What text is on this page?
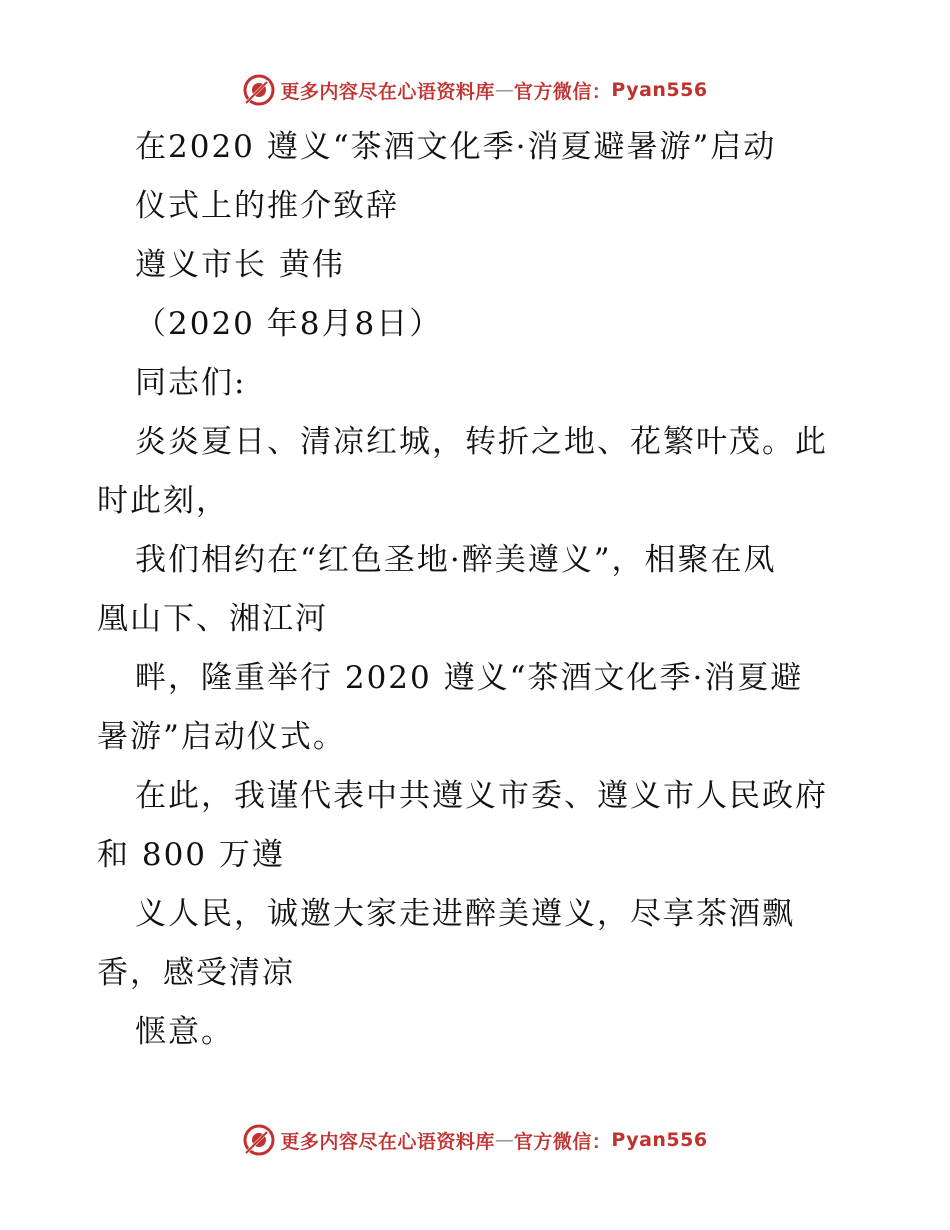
更多内容尽在心语资料库 — 官方微信： Pyan556
在2020 遵义“茶酒文化季·消夏避暑游”启动
仪式上的推介致辞
遵义市长 黄伟
（2020 年8月8日）
同志们:
炎炎夏日、清凉红城，转折之地、花繁叶茂。此
时此刻，
我们相约在“红色圣地·醉美遵义”，相聚在凤
凰山下、湘江河
畔，隆重举行 2020 遵义“茶酒文化季·消夏避
暑游”启动仪式。
在此，我谨代表中共遵义市委、遵义市人民政府
和 800 万遵
义人民，诚邀大家走进醉美遵义，尽享茶酒飘
香，感受清凉
惬意。
更多内容尽在心语资料库 — 官方微信： Pyan556
